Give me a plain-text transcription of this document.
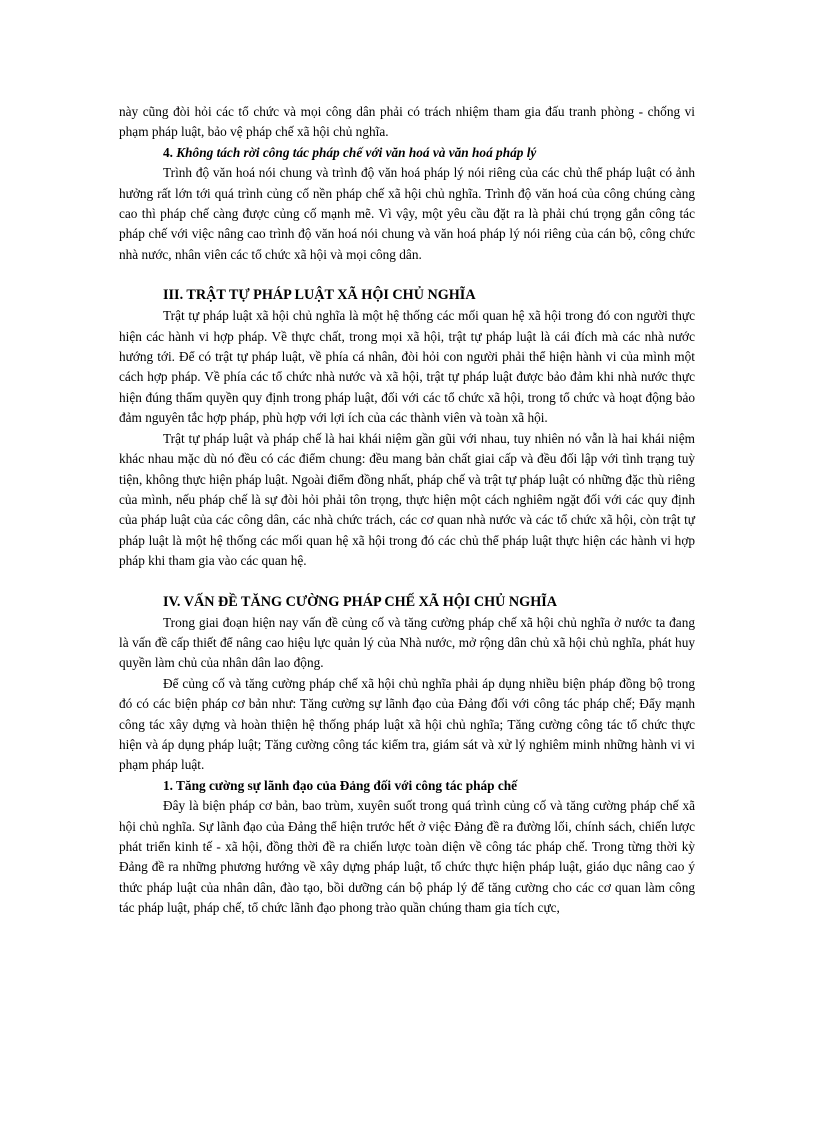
này cũng đòi hỏi các tổ chức và mọi công dân phải có trách nhiệm tham gia đấu tranh phòng - chống vi phạm pháp luật, bảo vệ pháp chế xã hội chủ nghĩa.

4. Không tách rời công tác pháp chế với văn hoá và văn hoá pháp lý

Trình độ văn hoá nói chung và trình độ văn hoá pháp lý nói riêng của các chủ thể pháp luật có ảnh hưởng rất lớn tới quá trình củng cố nền pháp chế xã hội chủ nghĩa. Trình độ văn hoá của công chúng càng cao thì pháp chế càng được củng cố mạnh mẽ. Vì vậy, một yêu cầu đặt ra là phải chú trọng gắn công tác pháp chế với việc nâng cao trình độ văn hoá nói chung và văn hoá pháp lý nói riêng của cán bộ, công chức nhà nước, nhân viên các tổ chức xã hội và mọi công dân.

III. TRẬT TỰ PHÁP LUẬT XÃ HỘI CHỦ NGHĨA

Trật tự pháp luật xã hội chủ nghĩa là một hệ thống các mối quan hệ xã hội trong đó con người thực hiện các hành vi hợp pháp. Về thực chất, trong mọi xã hội, trật tự pháp luật là cái đích mà các nhà nước hướng tới. Để có trật tự pháp luật, về phía cá nhân, đòi hỏi con người phải thể hiện hành vi của mình một cách hợp pháp. Về phía các tổ chức nhà nước và xã hội, trật tự pháp luật được bảo đảm khi nhà nước thực hiện đúng thẩm quyền quy định trong pháp luật, đối với các tổ chức xã hội, trong tổ chức và hoạt động bảo đảm nguyên tắc hợp pháp, phù hợp với lợi ích của các thành viên và toàn xã hội.

Trật tự pháp luật và pháp chế là hai khái niệm gần gũi với nhau, tuy nhiên nó vẫn là hai khái niệm khác nhau mặc dù nó đều có các điểm chung: đều mang bản chất giai cấp và đều đối lập với tình trạng tuỳ tiện, không thực hiện pháp luật. Ngoài điểm đồng nhất, pháp chế và trật tự pháp luật có những đặc thù riêng của mình, nếu pháp chế là sự đòi hỏi phải tôn trọng, thực hiện một cách nghiêm ngặt đối với các quy định của pháp luật của các công dân, các nhà chức trách, các cơ quan nhà nước và các tổ chức xã hội, còn trật tự pháp luật là một hệ thống các mối quan hệ xã hội trong đó các chủ thể pháp luật thực hiện các hành vi hợp pháp khi tham gia vào các quan hệ.

IV. VẤN ĐỀ TĂNG CƯỜNG PHÁP CHẾ XÃ HỘI CHỦ NGHĨA

Trong giai đoạn hiện nay vấn đề củng cố và tăng cường pháp chế xã hội chủ nghĩa ở nước ta đang là vấn đề cấp thiết để nâng cao hiệu lực quản lý của Nhà nước, mở rộng dân chủ xã hội chủ nghĩa, phát huy quyền làm chủ của nhân dân lao động.

Để củng cố và tăng cường pháp chế xã hội chủ nghĩa phải áp dụng nhiều biện pháp đồng bộ trong đó có các biện pháp cơ bản như: Tăng cường sự lãnh đạo của Đảng đối với công tác pháp chế; Đẩy mạnh công tác xây dựng và hoàn thiện hệ thống pháp luật xã hội chủ nghĩa; Tăng cường công tác tổ chức thực hiện và áp dụng pháp luật; Tăng cường công tác kiểm tra, giám sát và xử lý nghiêm minh những hành vi vi phạm pháp luật.

1. Tăng cường sự lãnh đạo của Đảng đối với công tác pháp chế

Đây là biện pháp cơ bản, bao trùm, xuyên suốt trong quá trình củng cố và tăng cường pháp chế xã hội chủ nghĩa. Sự lãnh đạo của Đảng thể hiện trước hết ở việc Đảng đề ra đường lối, chính sách, chiến lược phát triển kinh tế - xã hội, đồng thời đề ra chiến lược toàn diện về công tác pháp chế. Trong từng thời kỳ Đảng đề ra những phương hướng về xây dựng pháp luật, tổ chức thực hiện pháp luật, giáo dục nâng cao ý thức pháp luật của nhân dân, đào tạo, bồi dưỡng cán bộ pháp lý để tăng cường cho các cơ quan làm công tác pháp luật, pháp chế, tổ chức lãnh đạo phong trào quần chúng tham gia tích cực,
